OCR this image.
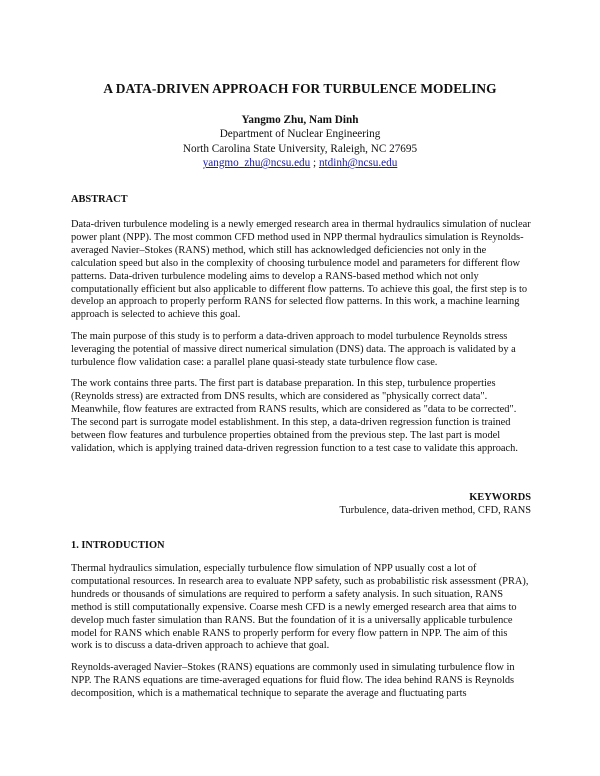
A DATA-DRIVEN APPROACH FOR TURBULENCE MODELING
Yangmo Zhu, Nam Dinh
Department of Nuclear Engineering
North Carolina State University, Raleigh, NC 27695
yangmo_zhu@ncsu.edu ; ntdinh@ncsu.edu
ABSTRACT

Data-driven turbulence modeling is a newly emerged research area in thermal hydraulics simulation of nuclear power plant (NPP). The most common CFD method used in NPP thermal hydraulics simulation is Reynolds-averaged Navier–Stokes (RANS) method, which still has acknowledged deficiencies not only in the calculation speed but also in the complexity of choosing turbulence model and parameters for different flow patterns. Data-driven turbulence modeling aims to develop a RANS-based method which not only computationally efficient but also applicable to different flow patterns. To achieve this goal, the first step is to develop an approach to properly perform RANS for selected flow patterns. In this work, a machine learning approach is selected to achieve this goal.

The main purpose of this study is to perform a data-driven approach to model turbulence Reynolds stress leveraging the potential of massive direct numerical simulation (DNS) data. The approach is validated by a turbulence flow validation case: a parallel plane quasi-steady state turbulence flow case.

The work contains three parts. The first part is database preparation. In this step, turbulence properties (Reynolds stress) are extracted from DNS results, which are considered as "physically correct data". Meanwhile, flow features are extracted from RANS results, which are considered as "data to be corrected". The second part is surrogate model establishment. In this step, a data-driven regression function is trained between flow features and turbulence properties obtained from the previous step. The last part is model validation, which is applying trained data-driven regression function to a test case to validate this approach.

KEYWORDS
Turbulence, data-driven method, CFD, RANS
1. INTRODUCTION

Thermal hydraulics simulation, especially turbulence flow simulation of NPP usually cost a lot of computational resources. In research area to evaluate NPP safety, such as probabilistic risk assessment (PRA), hundreds or thousands of simulations are required to perform a safety analysis. In such situation, RANS method is still computationally expensive. Coarse mesh CFD is a newly emerged research area that aims to develop much faster simulation than RANS. But the foundation of it is a universally applicable turbulence model for RANS which enable RANS to properly perform for every flow pattern in NPP. The aim of this work is to discuss a data-driven approach to achieve that goal.

Reynolds-averaged Navier–Stokes (RANS) equations are commonly used in simulating turbulence flow in NPP. The RANS equations are time-averaged equations for fluid flow. The idea behind RANS is Reynolds decomposition, which is a mathematical technique to separate the average and fluctuating parts
